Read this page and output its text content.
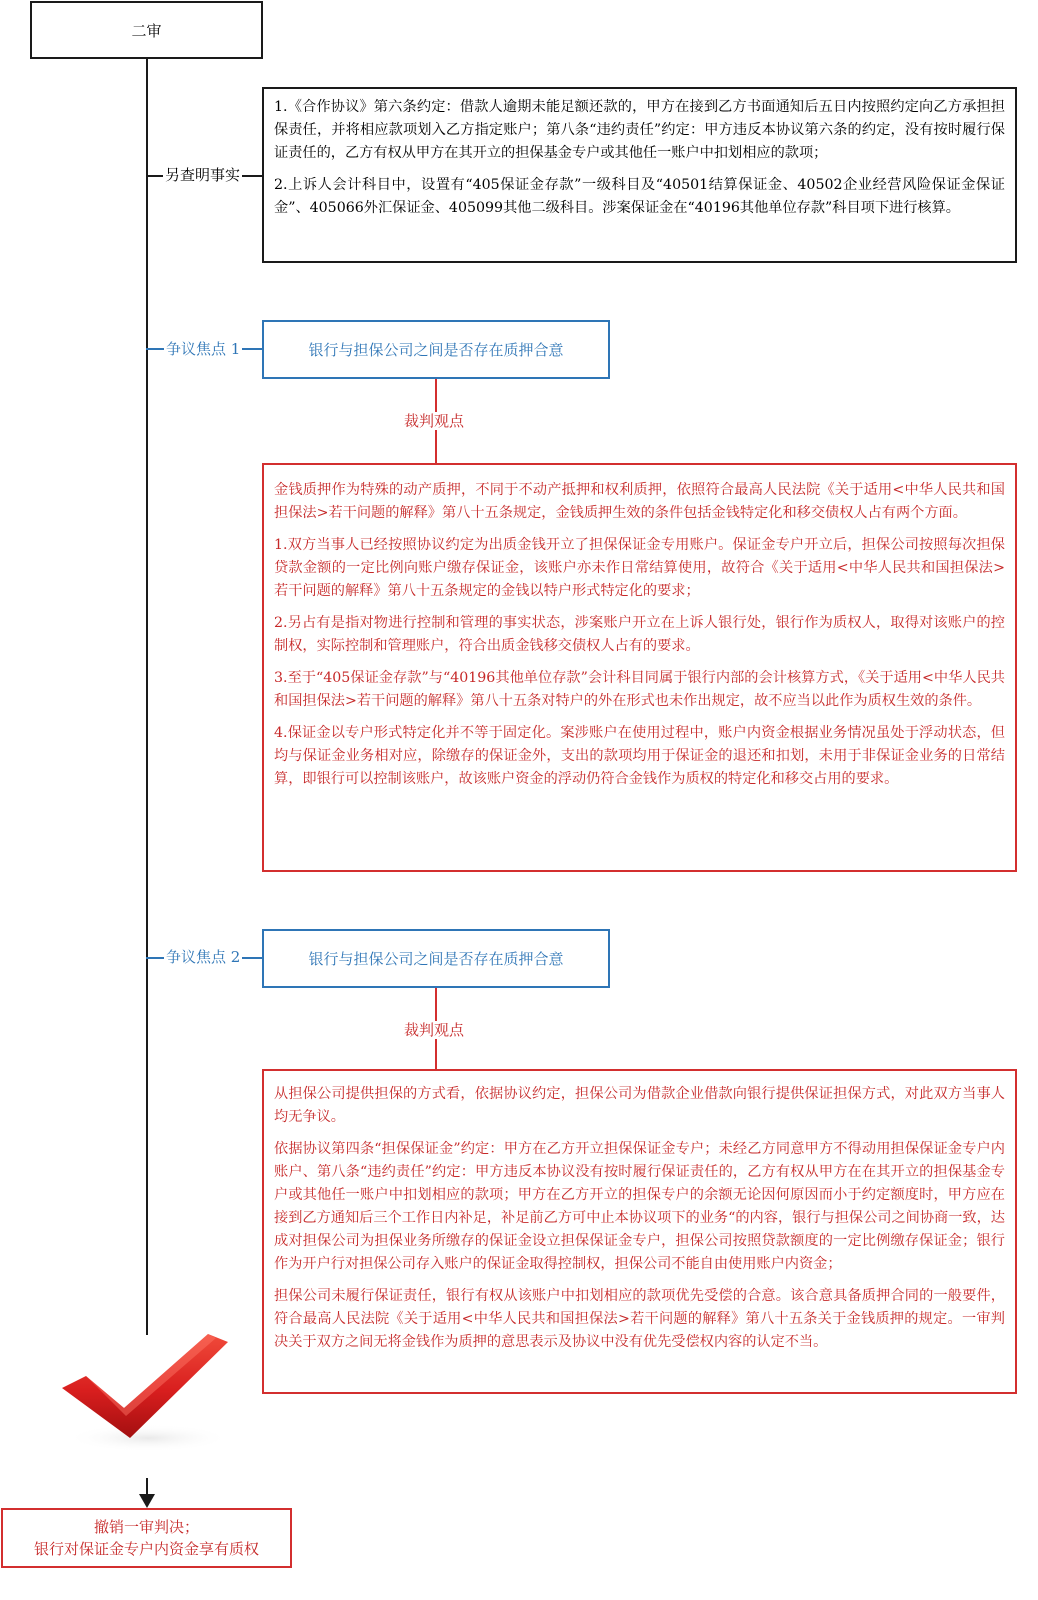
二审
另查明事实

1.《合作协议》第六条约定：借款人逾期未能足额还款的，甲方在接到乙方书面通知后五日内按照约定向乙方承担担保责任，并将相应款项划入乙方指定账户；第八条“违约责任”约定：甲方违反本协议第六条的约定，没有按时履行保证责任的，乙方有权从甲方在其开立的担保基金专户或其他任一账户中扣划相应的款项；

2.上诉人会计科目中，设置有“405保证金存款”一级科目及“40501结算保证金、40502企业经营风险保证金保证金”、405066外汇保证金、405099其他二级科目。涉案保证金在“40196其他单位存款”科目项下进行核算。

争议焦点 1	银行与担保公司之间是否存在质押合意
裁判观点

金钱质押作为特殊的动产质押，不同于不动产抵押和权利质押，依照符合最高人民法院《关于适用<中华人民共和国担保法>若干问题的解释》第八十五条规定，金钱质押生效的条件包括金钱特定化和移交债权人占有两个方面。

1.双方当事人已经按照协议约定为出质金钱开立了担保保证金专用账户。保证金专户开立后，担保公司按照每次担保贷款金额的一定比例向账户缴存保证金，该账户亦未作日常结算使用，故符合《关于适用<中华人民共和国担保法>若干问题的解释》第八十五条规定的金钱以特户形式特定化的要求；

2.另占有是指对物进行控制和管理的事实状态，涉案账户开立在上诉人银行处，银行作为质权人，取得对该账户的控制权，实际控制和管理账户，符合出质金钱移交债权人占有的要求。

3.至于“405保证金存款”与“40196其他单位存款”会计科目同属于银行内部的会计核算方式，《关于适用<中华人民共和国担保法>若干问题的解释》第八十五条对特户的外在形式也未作出规定，故不应当以此作为质权生效的条件。

4.保证金以专户形式特定化并不等于固定化。案涉账户在使用过程中，账户内资金根据业务情况虽处于浮动状态，但均与保证金业务相对应，除缴存的保证金外，支出的款项均用于保证金的退还和扣划，未用于非保证金业务的日常结算，即银行可以控制该账户，故该账户资金的浮动仍符合金钱作为质权的特定化和移交占用的要求。

争议焦点 2	银行与担保公司之间是否存在质押合意
裁判观点

从担保公司提供担保的方式看，依据协议约定，担保公司为借款企业借款向银行提供保证担保方式，对此双方当事人均无争议。

依据协议第四条“担保保证金”约定：甲方在乙方开立担保保证金专户；未经乙方同意甲方不得动用担保保证金专户内账户、第八条“违约责任”约定：甲方违反本协议没有按时履行保证责任的，乙方有权从甲方在在其开立的担保基金专户或其他任一账户中扣划相应的款项；甲方在乙方开立的担保专户的余额无论因何原因而小于约定额度时，甲方应在接到乙方通知后三个工作日内补足，补足前乙方可中止本协议项下的业务“的内容，银行与担保公司之间协商一致，达成对担保公司为担保业务所缴存的保证金设立担保保证金专户，担保公司按照贷款额度的一定比例缴存保证金；银行作为开户行对担保公司存入账户的保证金取得控制权，担保公司不能自由使用账户内资金；

担保公司未履行保证责任，银行有权从该账户中扣划相应的款项优先受偿的合意。该合意具备质押合同的一般要件，符合最高人民法院《关于适用<中华人民共和国担保法>若干问题的解释》第八十五条关于金钱质押的规定。一审判决关于双方之间无将金钱作为质押的意思表示及协议中没有优先受偿权内容的认定不当。

撤销一审判决；
银行对保证金专户内资金享有质权
